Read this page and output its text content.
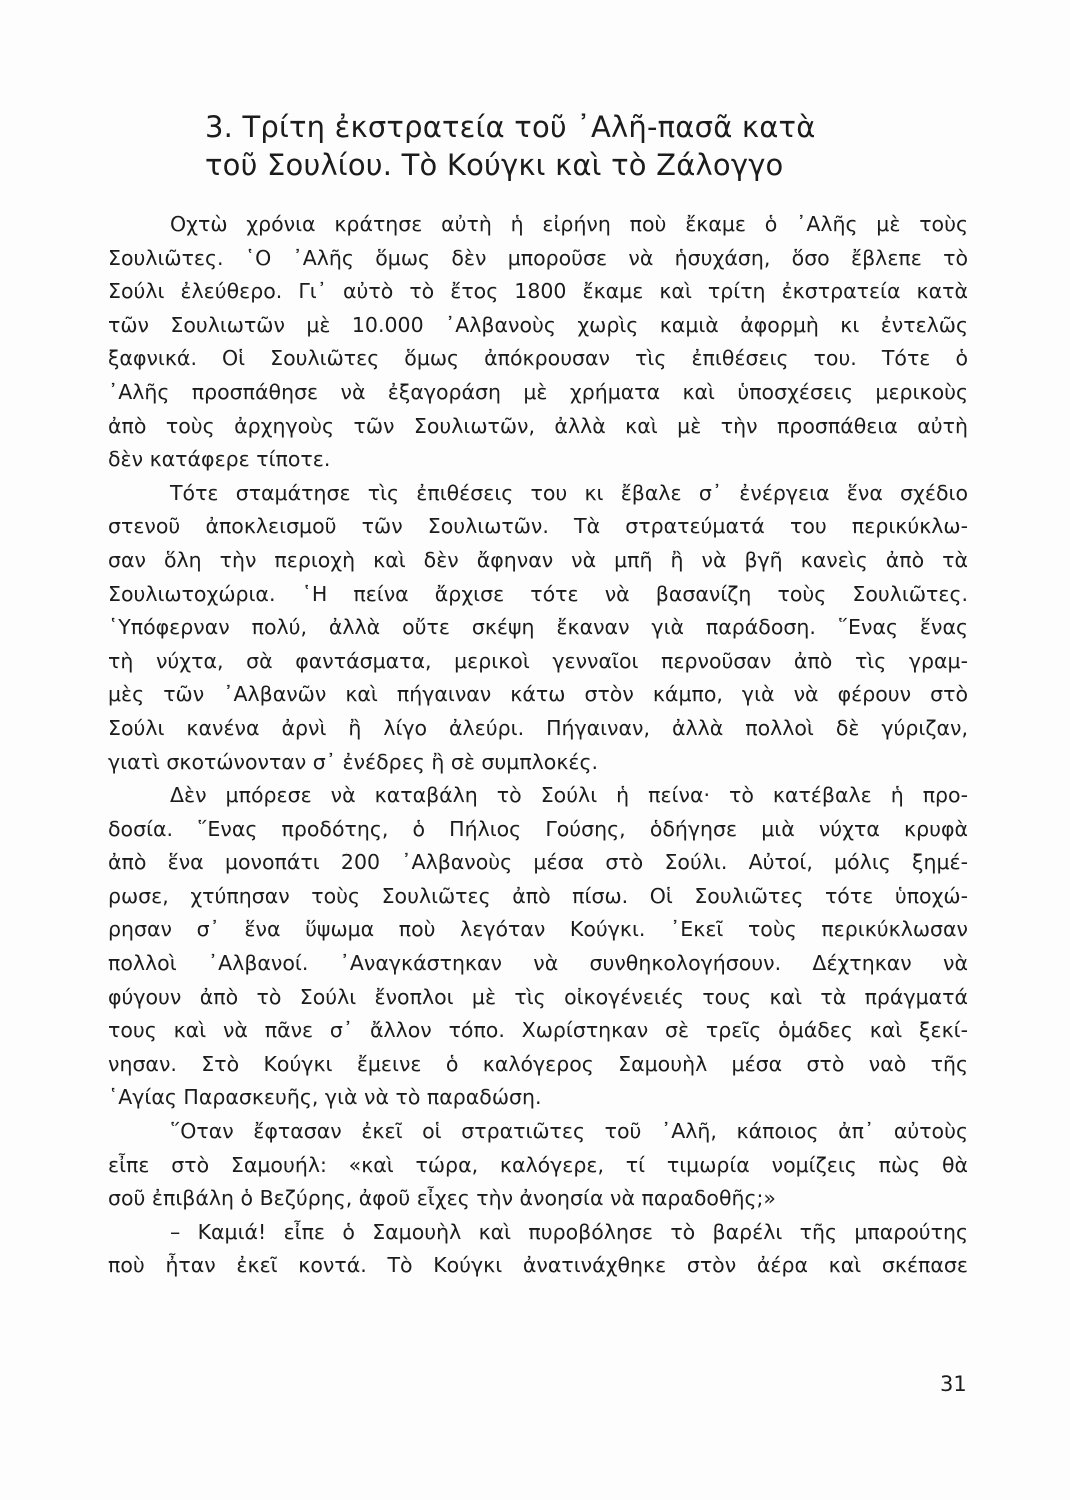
3. Τρίτη ἐκστρατεία τοῦ ᾿Αλῆ-πασᾶ κατὰ
τοῦ Σουλίου. Τὸ Κούγκι καὶ τὸ Ζάλογγο
Οχτὼ χρόνια κράτησε αὐτὴ ἡ εἰρήνη ποὺ ἔκαμε ὁ ᾿Αλῆς μὲ τοὺς
Σουλιῶτες. ῾Ο ᾿Αλῆς ὅμως δὲν μποροῦσε νὰ ἡσυχάση, ὅσο ἔβλεπε τὸ
Σούλι ἐλεύθερο. Γι᾿ αὐτὸ τὸ ἔτος 1800 ἔκαμε καὶ τρίτη ἐκστρατεία κατὰ
τῶν Σουλιωτῶν μὲ 10.000 ᾿Αλβανοὺς χωρὶς καμιὰ ἀφορμὴ κι ἐντελῶς
ξαφνικά. Οἱ Σουλιῶτες ὅμως ἀπόκρουσαν τὶς ἐπιθέσεις του. Τότε ὁ
᾿Αλῆς προσπάθησε νὰ ἐξαγοράση μὲ χρήματα καὶ ὑποσχέσεις μερικοὺς
ἀπὸ τοὺς ἀρχηγοὺς τῶν Σουλιωτῶν, ἀλλὰ καὶ μὲ τὴν προσπάθεια αὐτὴ
δὲν κατάφερε τίποτε.
Τότε σταμάτησε τὶς ἐπιθέσεις του κι ἔβαλε σ᾿ ἐνέργεια ἕνα σχέδιο
στενοῦ ἀποκλεισμοῦ τῶν Σουλιωτῶν. Τὰ στρατεύματά του περικύκλω-
σαν ὅλη τὴν περιοχὴ καὶ δὲν ἄφηναν νὰ μπῆ ἢ νὰ βγῆ κανεὶς ἀπὸ τὰ
Σουλιωτοχώρια. ῾Η πείνα ἄρχισε τότε νὰ βασανίζη τοὺς Σουλιῶτες.
῾Υπόφερναν πολύ, ἀλλὰ οὔτε σκέψη ἔκαναν γιὰ παράδοση. ῞Ενας ἕνας
τὴ νύχτα, σὰ φαντάσματα, μερικοὶ γενναῖοι περνοῦσαν ἀπὸ τὶς γραμ-
μὲς τῶν ᾿Αλβανῶν καὶ πήγαιναν κάτω στὸν κάμπο, γιὰ νὰ φέρουν στὸ
Σούλι κανένα ἀρνὶ ἢ λίγο ἀλεύρι. Πήγαιναν, ἀλλὰ πολλοὶ δὲ γύριζαν,
γιατὶ σκοτώνονταν σ᾿ ἐνέδρες ἢ σὲ συμπλοκές.
Δὲν μπόρεσε νὰ καταβάλη τὸ Σούλι ἡ πείνα· τὸ κατέβαλε ἡ προ-
δοσία. ῞Ενας προδότης, ὁ Πήλιος Γούσης, ὁδήγησε μιὰ νύχτα κρυφὰ
ἀπὸ ἕνα μονοπάτι 200 ᾿Αλβανοὺς μέσα στὸ Σούλι. Αὐτοί, μόλις ξημέ-
ρωσε, χτύπησαν τοὺς Σουλιῶτες ἀπὸ πίσω. Οἱ Σουλιῶτες τότε ὑποχώ-
ρησαν σ᾿ ἕνα ὕψωμα ποὺ λεγόταν Κούγκι. ᾿Εκεῖ τοὺς περικύκλωσαν
πολλοὶ ᾿Αλβανοί. ᾿Αναγκάστηκαν νὰ συνθηκολογήσουν. Δέχτηκαν νὰ
φύγουν ἀπὸ τὸ Σούλι ἔνοπλοι μὲ τὶς οἰκογένειές τους καὶ τὰ πράγματά
τους καὶ νὰ πᾶνε σ᾿ ἄλλον τόπο. Χωρίστηκαν σὲ τρεῖς ὁμάδες καὶ ξεκί-
νησαν. Στὸ Κούγκι ἔμεινε ὁ καλόγερος Σαμουὴλ μέσα στὸ ναὸ τῆς
῾Αγίας Παρασκευῆς, γιὰ νὰ τὸ παραδώση.
῞Οταν ἔφτασαν ἐκεῖ οἱ στρατιῶτες τοῦ ᾿Αλῆ, κάποιος ἀπ᾿ αὐτοὺς
εἶπε στὸ Σαμουήλ: «καὶ τώρα, καλόγερε, τί τιμωρία νομίζεις πὼς θὰ
σοῦ ἐπιβάλη ὁ Βεζύρης, ἀφοῦ εἶχες τὴν ἀνοησία νὰ παραδοθῆς;»
– Καμιά! εἶπε ὁ Σαμουὴλ καὶ πυροβόλησε τὸ βαρέλι τῆς μπαρούτης
ποὺ ἦταν ἐκεῖ κοντά. Τὸ Κούγκι ἀνατινάχθηκε στὸν ἀέρα καὶ σκέπασε
31
